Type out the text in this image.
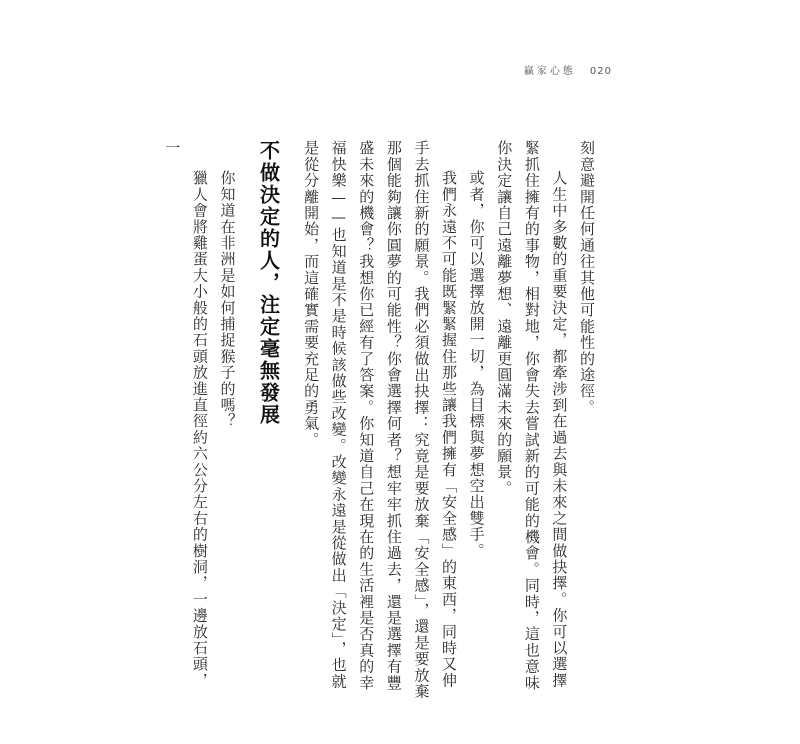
贏家心態 020

刻意避開任何通往其他可能性的途徑。

人生中多數的重要決定，都牽涉到在過去與未來之間做抉擇。你可以選擇緊抓住擁有的事物，相對地，你會失去嘗試新的可能的機會。同時，這也意味你決定讓自己遠離夢想、遠離更圓滿未來的願景。

或者，你可以選擇放開一切，為目標與夢想空出雙手。

我們永遠不可能既緊緊握住那些讓我們擁有「安全感」的東西，同時又伸手去抓住新的願景。我們必須做出抉擇：究竟是要放棄「安全感」，還是要放棄那個能夠讓你圓夢的可能性？你會選擇何者？想牢牢抓住過去，還是選擇有豐盛未來的機會？我想你已經有了答案。你知道自己在現在的生活裡是否真的幸福快樂——也知道是不是時候該做些改變。改變永遠是從做出「決定」，也就是從分離開始，而這確實需要充足的勇氣。

不做決定的人，注定毫無發展

你知道在非洲是如何捕捉猴子的嗎？

獵人會將雞蛋大小般的石頭放進直徑約六公分左右的樹洞，一邊放石頭，一
